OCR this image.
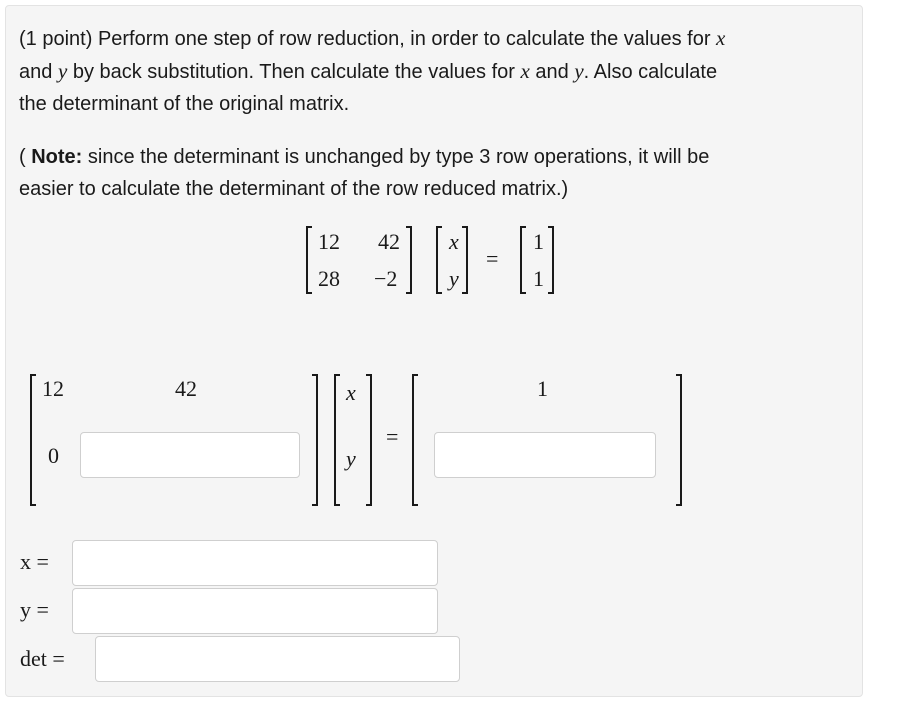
(1 point) Perform one step of row reduction, in order to calculate the values for x
and y by back substitution. Then calculate the values for x and y. Also calculate
the determinant of the original matrix.

( Note: since the determinant is unchanged by type 3 row operations, it will be
easier to calculate the determinant of the row reduced matrix.)

12 42
28 −2
x
y
=
1
1
12	42
0
x
y
=
1
x =
y =
det =
